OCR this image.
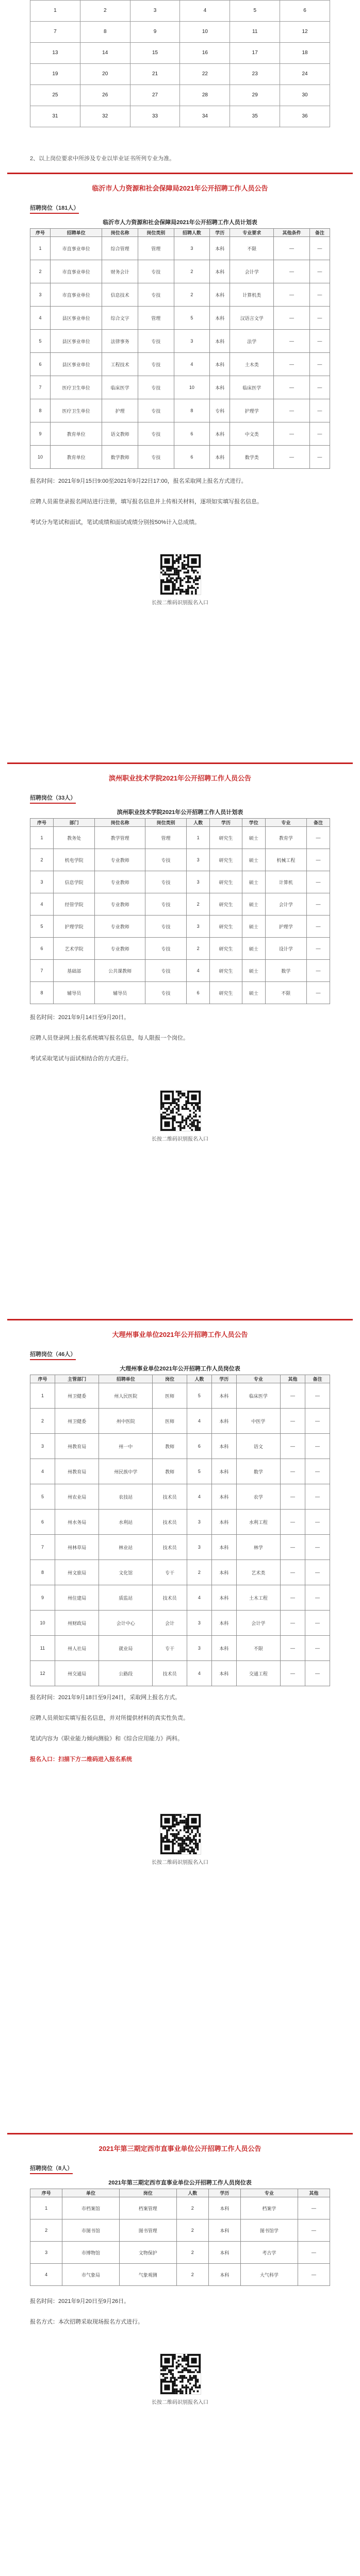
1	2	3	4	5	6
7	8	9	10	11	12
13	14	15	16	17	18
19	20	21	22	23	24
25	26	27	28	29	30
31	32	33	34	35	36
2、以上岗位要求中所涉及专业以毕业证书所列专业为准。
临沂市人力资源和社会保障局2021年公开招聘工作人员公告
招聘岗位（181人）
临沂市人力资源和社会保障局2021年公开招聘工作人员计划表
序号	招聘单位	岗位名称	岗位类别	招聘人数	学历	专业要求	其他条件	备注
1	市直事业单位	综合管理	管理	3	本科	不限	—	—
2	市直事业单位	财务会计	专技	2	本科	会计学	—	—
3	市直事业单位	信息技术	专技	2	本科	计算机类	—	—
4	县区事业单位	综合文字	管理	5	本科	汉语言文学	—	—
5	县区事业单位	法律事务	专技	3	本科	法学	—	—
6	县区事业单位	工程技术	专技	4	本科	土木类	—	—
7	医疗卫生单位	临床医学	专技	10	本科	临床医学	—	—
8	医疗卫生单位	护理	专技	8	专科	护理学	—	—
9	教育单位	语文教师	专技	6	本科	中文类	—	—
10	教育单位	数学教师	专技	6	本科	数学类	—	—
报名时间：2021年9月15日9:00至2021年9月22日17:00，报名采取网上报名方式进行。
应聘人员需登录报名网站进行注册，填写报名信息并上传相关材料，逐项如实填写报名信息。
考试分为笔试和面试，笔试成绩和面试成绩分别按50%计入总成绩。
长按二维码识别报名入口
滨州职业技术学院2021年公开招聘工作人员公告
招聘岗位（33人）
滨州职业技术学院2021年公开招聘工作人员计划表
序号	部门	岗位名称	岗位类别	人数	学历	学位	专业	备注
1	教务处	教学管理	管理	1	研究生	硕士	教育学	—
2	机电学院	专业教师	专技	3	研究生	硕士	机械工程	—
3	信息学院	专业教师	专技	3	研究生	硕士	计算机	—
4	经管学院	专业教师	专技	2	研究生	硕士	会计学	—
5	护理学院	专业教师	专技	3	研究生	硕士	护理学	—
6	艺术学院	专业教师	专技	2	研究生	硕士	设计学	—
7	基础部	公共课教师	专技	4	研究生	硕士	数学	—
8	辅导员	辅导员	专技	6	研究生	硕士	不限	—
报名时间：2021年9月14日至9月20日。
应聘人员登录网上报名系统填写报名信息，每人限报一个岗位。
考试采取笔试与面试相结合的方式进行。
长按二维码识别报名入口
大理州事业单位2021年公开招聘工作人员公告
招聘岗位（46人）
大理州事业单位2021年公开招聘工作人员岗位表
序号	主管部门	招聘单位	岗位	人数	学历	专业	其他	备注
1	州卫健委	州人民医院	医师	5	本科	临床医学	—	—
2	州卫健委	州中医院	医师	4	本科	中医学	—	—
3	州教育局	州一中	教师	6	本科	语文	—	—
4	州教育局	州民族中学	教师	5	本科	数学	—	—
5	州农业局	农技站	技术员	4	本科	农学	—	—
6	州水务局	水利站	技术员	3	本科	水利工程	—	—
7	州林草局	林业站	技术员	3	本科	林学	—	—
8	州文旅局	文化馆	专干	2	本科	艺术类	—	—
9	州住建局	质监站	技术员	4	本科	土木工程	—	—
10	州财政局	会计中心	会计	3	本科	会计学	—	—
11	州人社局	就业局	专干	3	本科	不限	—	—
12	州交通局	公路段	技术员	4	本科	交通工程	—	—
报名时间：2021年9月18日至9月24日，采取网上报名方式。
应聘人员须如实填写报名信息，并对所提供材料的真实性负责。
笔试内容为《职业能力倾向测验》和《综合应用能力》两科。
报名入口：扫描下方二维码进入报名系统
长按二维码识别报名入口
2021年第三期定西市直事业单位公开招聘工作人员公告
招聘岗位（8人）
2021年第三期定西市直事业单位公开招聘工作人员岗位表
序号	单位	岗位	人数	学历	专业	其他
1	市档案馆	档案管理	2	本科	档案学	—
2	市图书馆	图书管理	2	本科	图书馆学	—
3	市博物馆	文物保护	2	本科	考古学	—
4	市气象局	气象观测	2	本科	大气科学	—
报名时间：2021年9月20日至9月26日。
报名方式：本次招聘采取现场报名方式进行。
长按二维码识别报名入口
